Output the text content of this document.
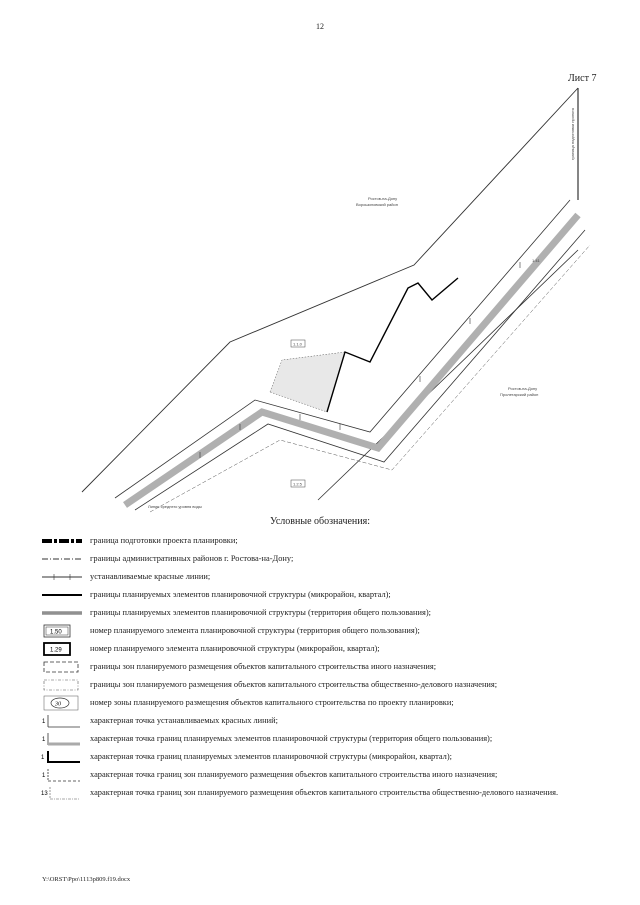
12
Лист 7
1.1.0
1.2.5
Ростов-на-Дону
Ворошиловский район
Ростов-на-Дону
Пролетарский район
Линия среднего уровня воды
граница подготовки проекта
1.41
Условные обозначения:
граница подготовки проекта планировки;
границы административных районов г. Ростова-на-Дону;
устанавливаемые красные линии;
границы планируемых элементов планировочной структуры (микрорайон, квартал);
границы планируемых элементов планировочной структуры (территория общего пользования);
1.50	номер планируемого элемента планировочной структуры (территория общего пользования);
1.29	номер планируемого элемента планировочной структуры (микрорайон, квартал);
границы зон планируемого размещения объектов капитального строительства иного назначения;
границы зон планируемого размещения объектов капитального строительства общественно-делового назначения;
30	номер зоны планируемого размещения объектов капитального строительства по проекту планировки;
1	характерная точка устанавливаемых красных линий;
1	характерная точка границ планируемых элементов планировочной структуры (территория общего пользования);
1	характерная точка границ планируемых элементов планировочной структуры (микрорайон, квартал);
1	характерная точка границ зон планируемого размещения объектов капитального строительства иного назначения;
13	характерная точка границ зон планируемого размещения объектов капитального строительства общественно-делового назначения.
Y:\ORST\Ppo\1113p809.f19.docx
